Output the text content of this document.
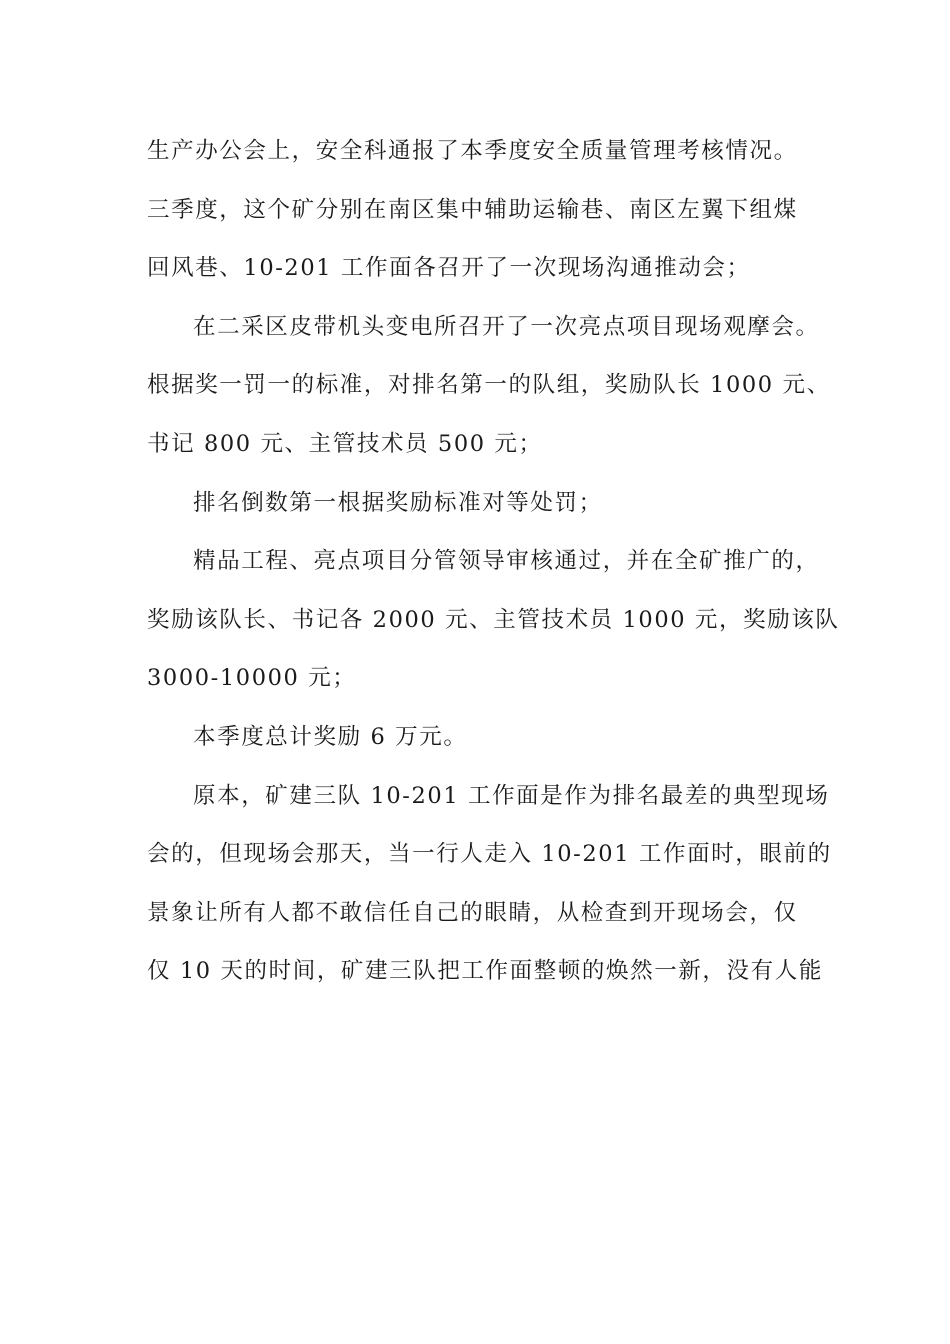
生产办公会上，安全科通报了本季度安全质量管理考核情况。
三季度，这个矿分别在南区集中辅助运输巷、南区左翼下组煤
回风巷、10-201 工作面各召开了一次现场沟通推动会；
在二采区皮带机头变电所召开了一次亮点项目现场观摩会。
根据奖一罚一的标准，对排名第一的队组，奖励队长 1000 元、
书记 800 元、主管技术员 500 元；
排名倒数第一根据奖励标准对等处罚；
精品工程、亮点项目分管领导审核通过，并在全矿推广的，
奖励该队长、书记各 2000 元、主管技术员 1000 元，奖励该队
3000-10000 元；
本季度总计奖励 6 万元。
原本，矿建三队 10-201 工作面是作为排名最差的典型现场
会的，但现场会那天，当一行人走入 10-201 工作面时，眼前的
景象让所有人都不敢信任自己的眼睛，从检查到开现场会，仅
仅 10 天的时间，矿建三队把工作面整顿的焕然一新，没有人能
